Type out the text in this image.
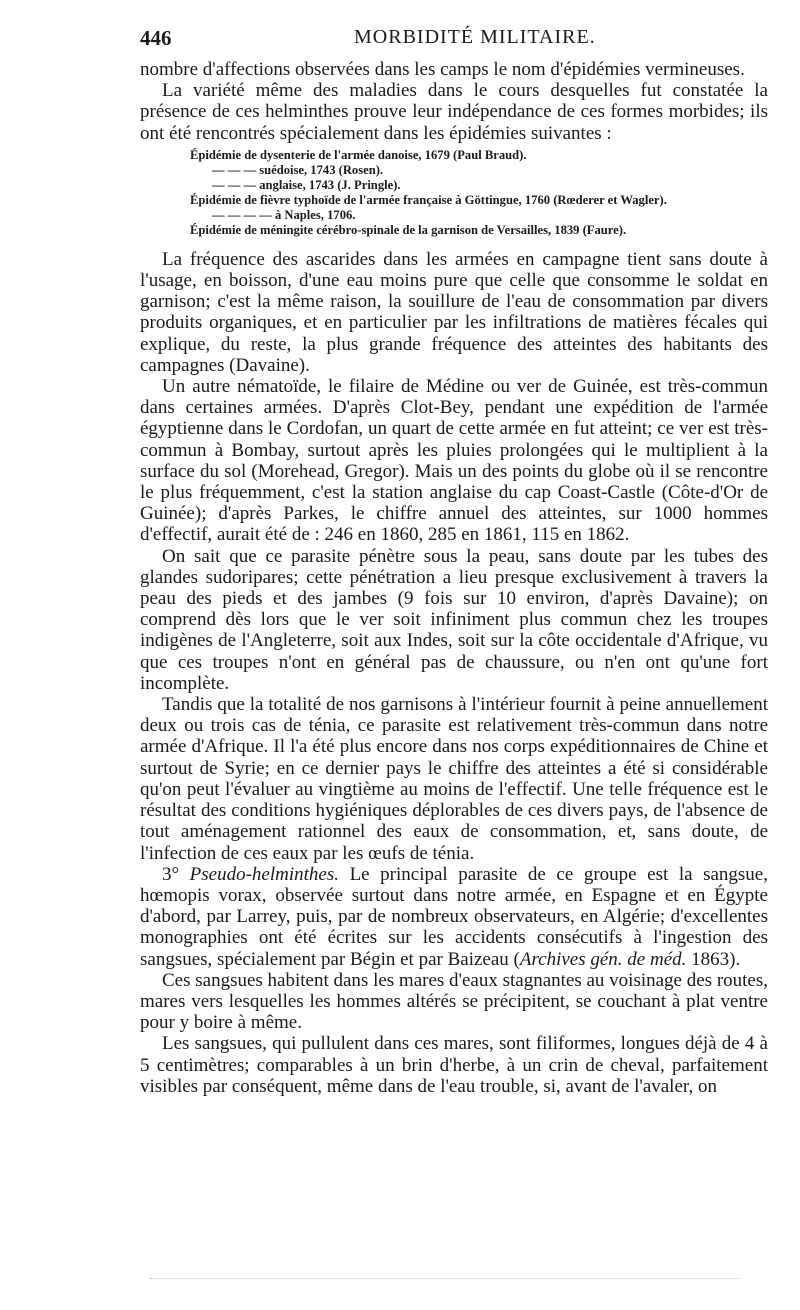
446	MORBIDITÉ MILITAIRE.

nombre d'affections observées dans les camps le nom d'épidémies vermineuses.

La variété même des maladies dans le cours desquelles fut constatée la présence de ces helminthes prouve leur indépendance de ces formes morbides; ils ont été rencontrés spécialement dans les épidémies suivantes :

Épidémie de dysenterie de l'armée danoise, 1679 (Paul Braud).
— — — suédoise, 1743 (Rosen).
— — — anglaise, 1743 (J. Pringle).
Épidémie de fièvre typhoïde de l'armée française à Göttingue, 1760 (Rœderer et Wagler).
— — — — à Naples, 1706.
Épidémie de méningite cérébro-spinale de la garnison de Versailles, 1839 (Faure).

La fréquence des ascarides dans les armées en campagne tient sans doute à l'usage, en boisson, d'une eau moins pure que celle que consomme le soldat en garnison; c'est la même raison, la souillure de l'eau de consommation par divers produits organiques, et en particulier par les infiltrations de matières fécales qui explique, du reste, la plus grande fréquence des atteintes des habitants des campagnes (Davaine).

Un autre nématoïde, le filaire de Médine ou ver de Guinée, est très-commun dans certaines armées. D'après Clot-Bey, pendant une expédition de l'armée égyptienne dans le Cordofan, un quart de cette armée en fut atteint; ce ver est très-commun à Bombay, surtout après les pluies prolongées qui le multiplient à la surface du sol (Morehead, Gregor). Mais un des points du globe où il se rencontre le plus fréquemment, c'est la station anglaise du cap Coast-Castle (Côte-d'Or de Guinée); d'après Parkes, le chiffre annuel des atteintes, sur 1000 hommes d'effectif, aurait été de : 246 en 1860, 285 en 1861, 115 en 1862.

On sait que ce parasite pénètre sous la peau, sans doute par les tubes des glandes sudoripares; cette pénétration a lieu presque exclusivement à travers la peau des pieds et des jambes (9 fois sur 10 environ, d'après Davaine); on comprend dès lors que le ver soit infiniment plus commun chez les troupes indigènes de l'Angleterre, soit aux Indes, soit sur la côte occidentale d'Afrique, vu que ces troupes n'ont en général pas de chaussure, ou n'en ont qu'une fort incomplète.

Tandis que la totalité de nos garnisons à l'intérieur fournit à peine annuellement deux ou trois cas de ténia, ce parasite est relativement très-commun dans notre armée d'Afrique. Il l'a été plus encore dans nos corps expéditionnaires de Chine et surtout de Syrie; en ce dernier pays le chiffre des atteintes a été si considérable qu'on peut l'évaluer au vingtième au moins de l'effectif. Une telle fréquence est le résultat des conditions hygiéniques déplorables de ces divers pays, de l'absence de tout aménagement rationnel des eaux de consommation, et, sans doute, de l'infection de ces eaux par les œufs de ténia.

3° Pseudo-helminthes. Le principal parasite de ce groupe est la sangsue, hœmopis vorax, observée surtout dans notre armée, en Espagne et en Égypte d'abord, par Larrey, puis, par de nombreux observateurs, en Algérie; d'excellentes monographies ont été écrites sur les accidents consécutifs à l'ingestion des sangsues, spécialement par Bégin et par Baizeau (Archives gén. de méd. 1863).

Ces sangsues habitent dans les mares d'eaux stagnantes au voisinage des routes, mares vers lesquelles les hommes altérés se précipitent, se couchant à plat ventre pour y boire à même.

Les sangsues, qui pullulent dans ces mares, sont filiformes, longues déjà de 4 à 5 centimètres; comparables à un brin d'herbe, à un crin de cheval, parfaitement visibles par conséquent, même dans de l'eau trouble, si, avant de l'avaler, on
